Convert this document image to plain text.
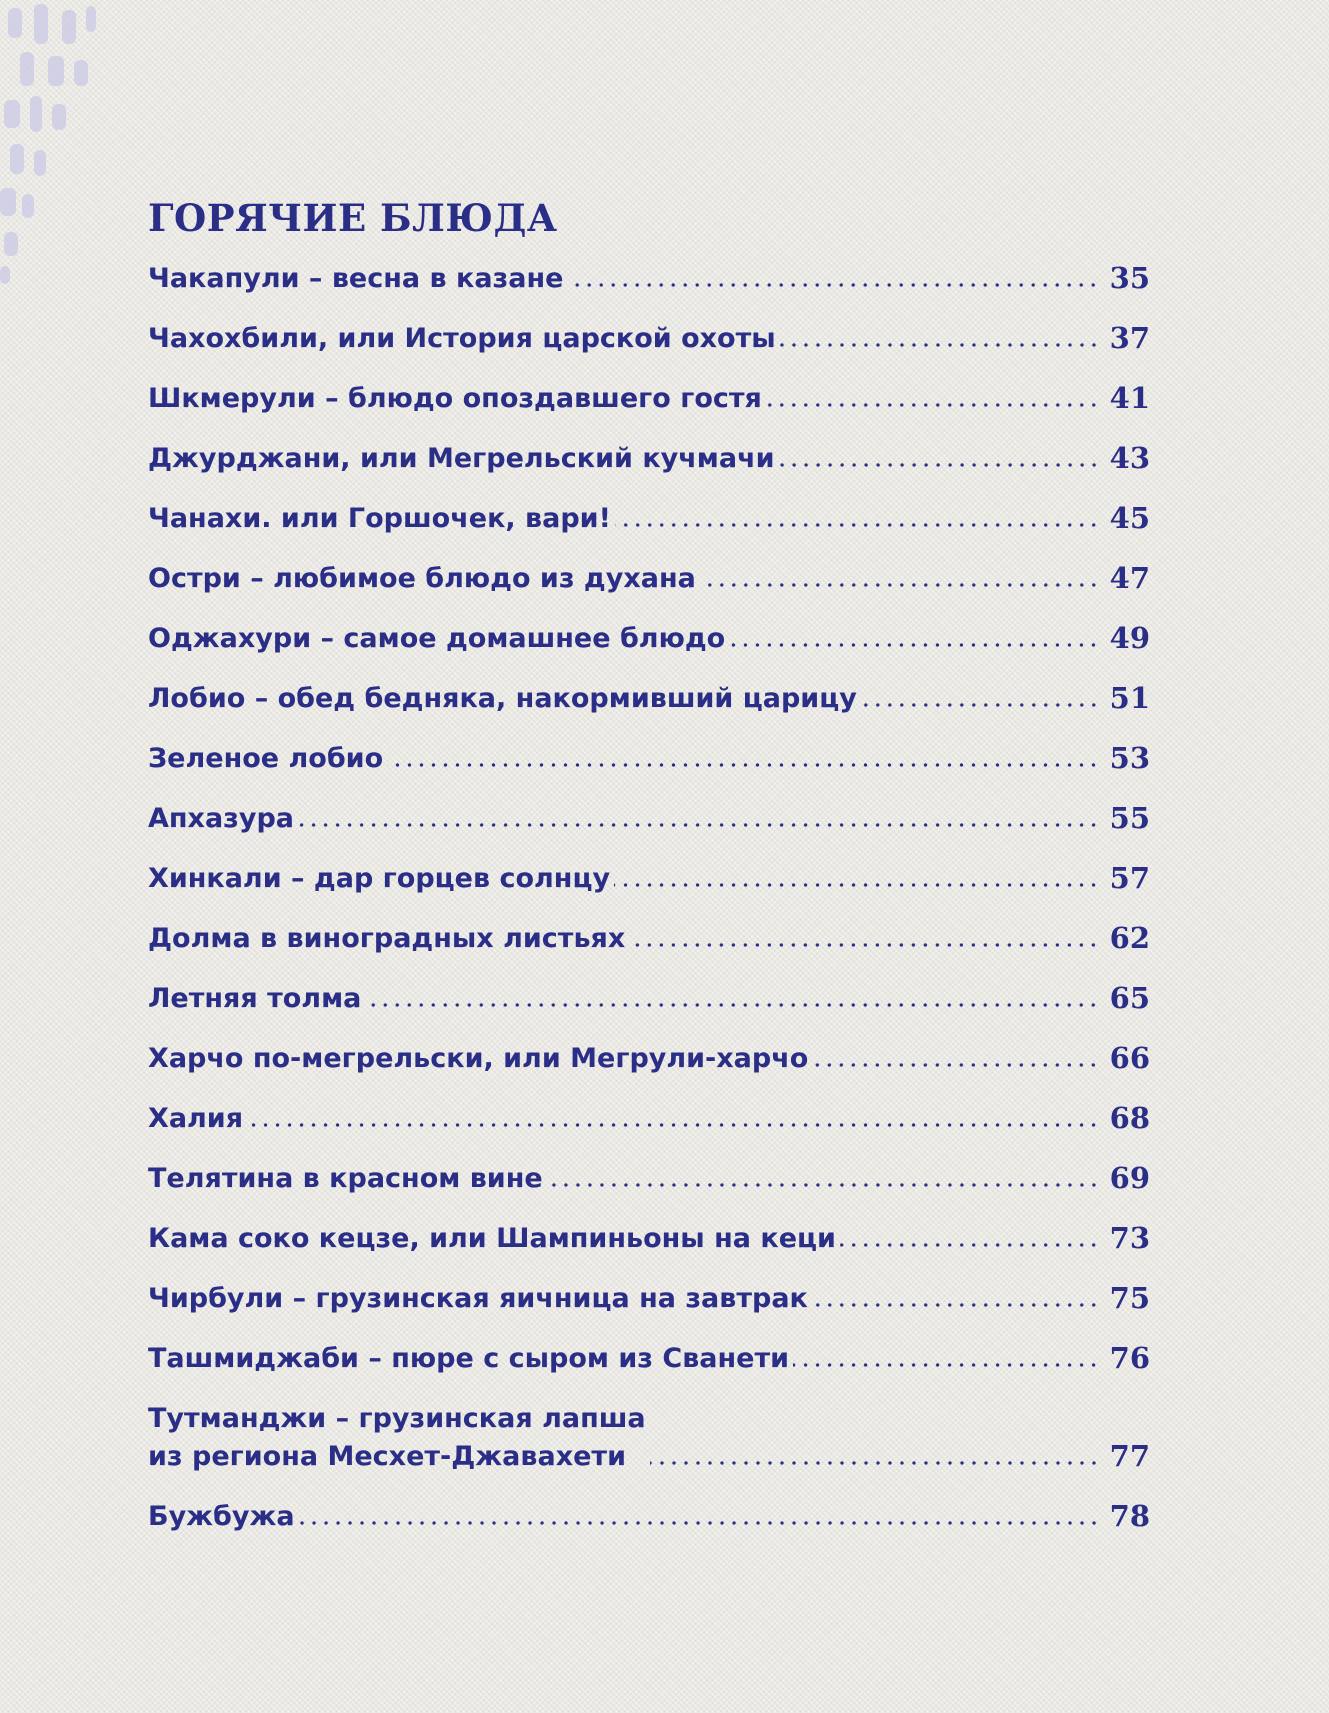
ГОРЯЧИЕ БЛЮДА
Чакапули – весна в казане	35
Чахохбили, или История царской охоты	37
Шкмерули – блюдо опоздавшего гостя	41
Джурджани, или Мегрельский кучмачи	43
Чанахи. или Горшочек, вари!	45
Остри – любимое блюдо из духана	47
Оджахури – самое домашнее блюдо	49
Лобио – обед бедняка, накормивший царицу	51
Зеленое лобио	53
Апхазура	55
Хинкали – дар горцев солнцу	57
Долма в виноградных листьях	62
Летняя толма	65
Харчо по-мегрельски, или Мегрули-харчо	66
Халия	68
Телятина в красном вине	69
Кама соко кецзе, или Шампиньоны на кеци	73
Чирбули – грузинская яичница на завтрак	75
Ташмиджаби – пюре с сыром из Сванети	76
Тутманджи – грузинская лапша
из региона Месхет-Джавахети	77
Бужбужа	78
